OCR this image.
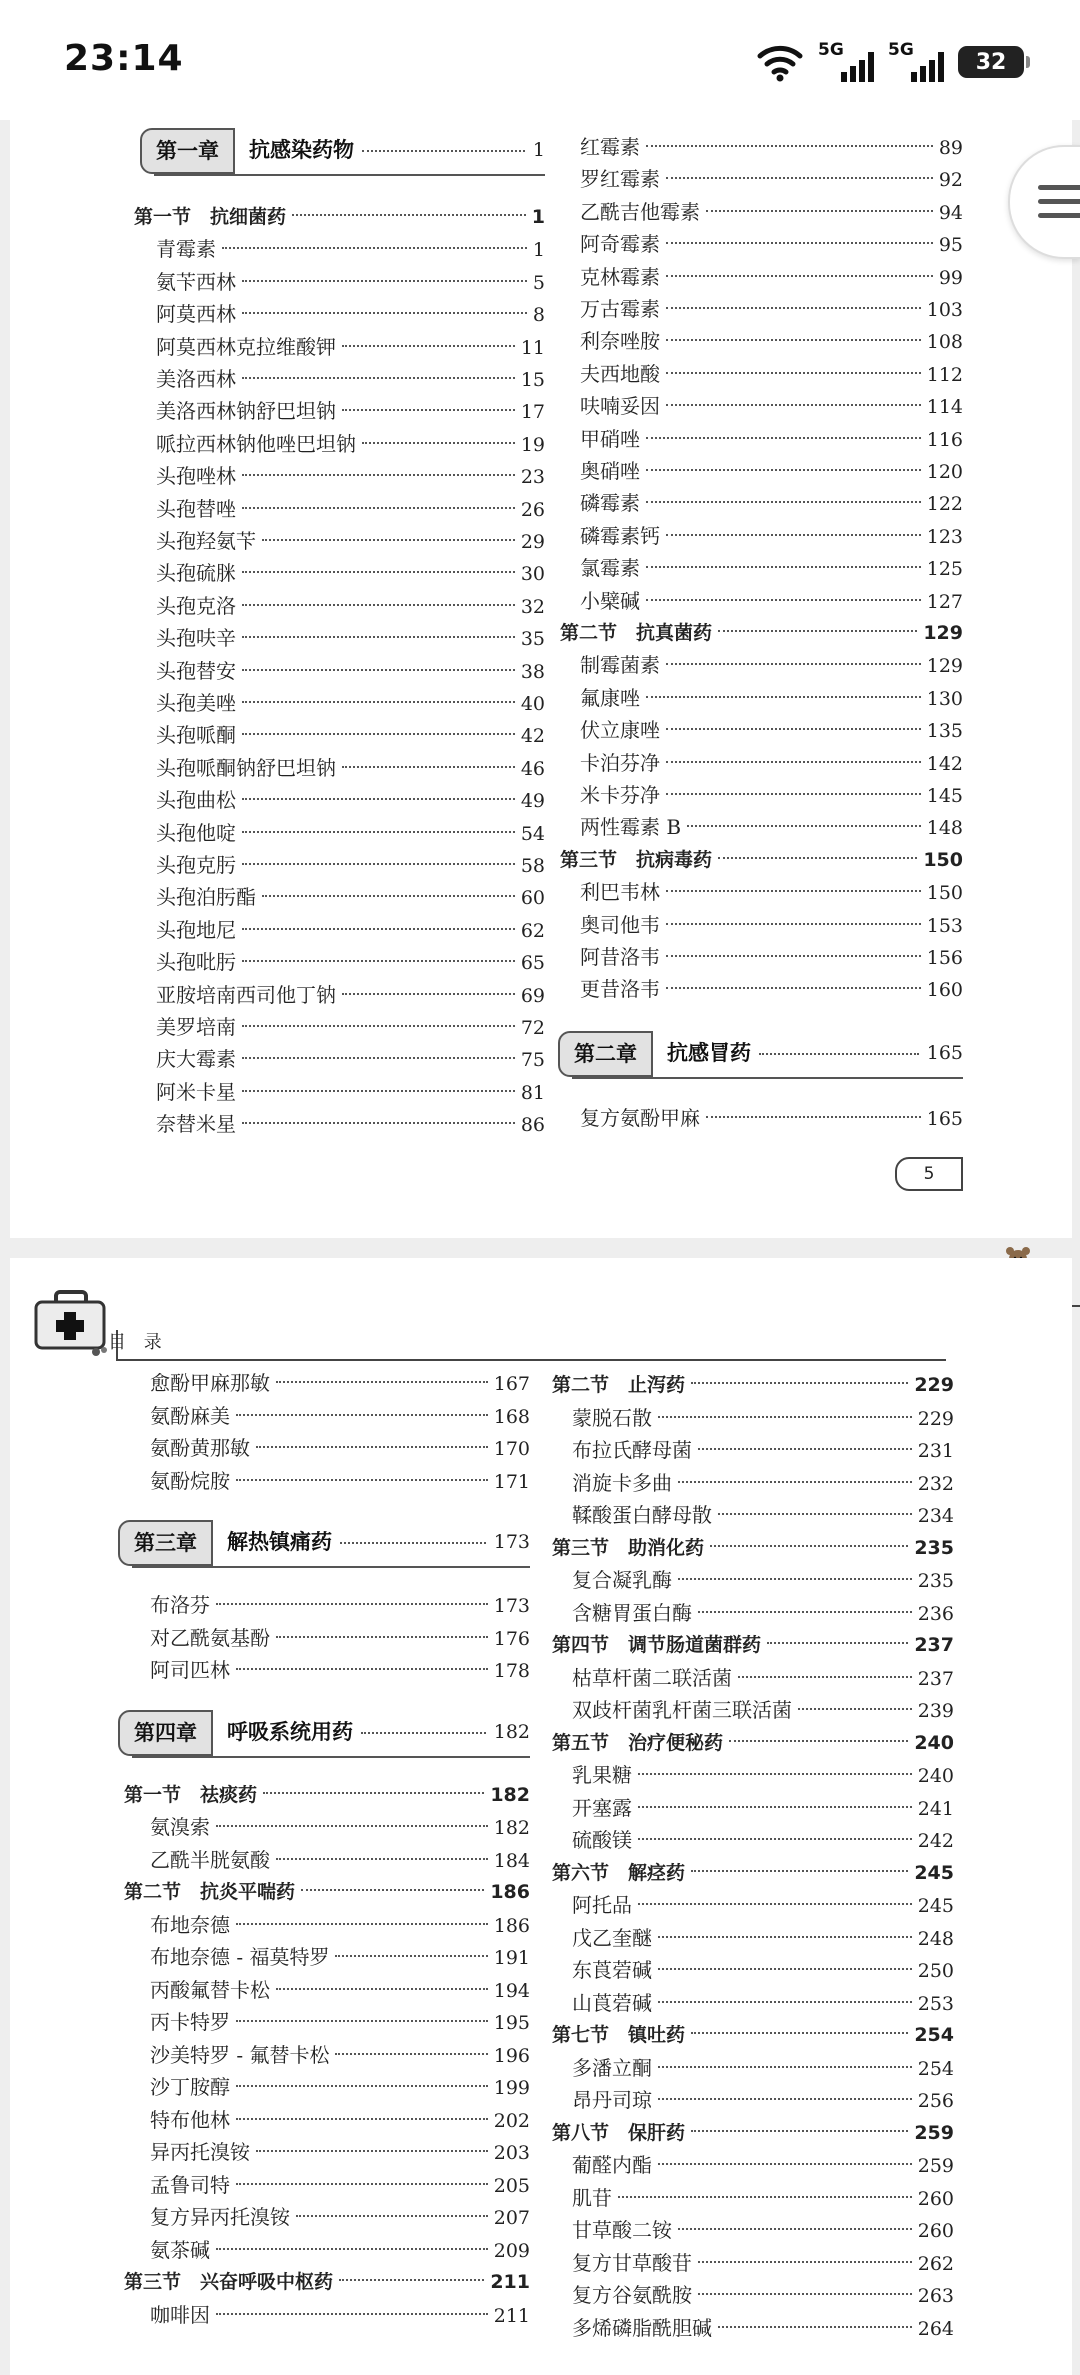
23:14	5G	5G	32
第一章	抗感染药物	1
第一节　抗细菌药	1
青霉素	1
氨苄西林	5
阿莫西林	8
阿莫西林克拉维酸钾	11
美洛西林	15
美洛西林钠舒巴坦钠	17
哌拉西林钠他唑巴坦钠	19
头孢唑林	23
头孢替唑	26
头孢羟氨苄	29
头孢硫脒	30
头孢克洛	32
头孢呋辛	35
头孢替安	38
头孢美唑	40
头孢哌酮	42
头孢哌酮钠舒巴坦钠	46
头孢曲松	49
头孢他啶	54
头孢克肟	58
头孢泊肟酯	60
头孢地尼	62
头孢吡肟	65
亚胺培南西司他丁钠	69
美罗培南	72
庆大霉素	75
阿米卡星	81
奈替米星	86
红霉素	89
罗红霉素	92
乙酰吉他霉素	94
阿奇霉素	95
克林霉素	99
万古霉素	103
利奈唑胺	108
夫西地酸	112
呋喃妥因	114
甲硝唑	116
奥硝唑	120
磷霉素	122
磷霉素钙	123
氯霉素	125
小檗碱	127
第二节　抗真菌药	129
制霉菌素	129
氟康唑	130
伏立康唑	135
卡泊芬净	142
米卡芬净	145
两性霉素 B	148
第三节　抗病毒药	150
利巴韦林	150
奥司他韦	153
阿昔洛韦	156
更昔洛韦	160
第二章	抗感冒药	165
复方氨酚甲麻	165
5
愈酚甲麻那敏	167
氨酚麻美	168
氨酚黄那敏	170
氨酚烷胺	171
第三章	解热镇痛药	173
布洛芬	173
对乙酰氨基酚	176
阿司匹林	178
第四章	呼吸系统用药	182
第一节　祛痰药	182
氨溴索	182
乙酰半胱氨酸	184
第二节　抗炎平喘药	186
布地奈德	186
布地奈德 - 福莫特罗	191
丙酸氟替卡松	194
丙卡特罗	195
沙美特罗 - 氟替卡松	196
沙丁胺醇	199
特布他林	202
异丙托溴铵	203
孟鲁司特	205
复方异丙托溴铵	207
氨茶碱	209
第三节　兴奋呼吸中枢药	211
咖啡因	211
第二节　止泻药	229
蒙脱石散	229
布拉氏酵母菌	231
消旋卡多曲	232
鞣酸蛋白酵母散	234
第三节　助消化药	235
复合凝乳酶	235
含糖胃蛋白酶	236
第四节　调节肠道菌群药	237
枯草杆菌二联活菌	237
双歧杆菌乳杆菌三联活菌	239
第五节　治疗便秘药	240
乳果糖	240
开塞露	241
硫酸镁	242
第六节　解痉药	245
阿托品	245
戊乙奎醚	248
东莨菪碱	250
山莨菪碱	253
第七节　镇吐药	254
多潘立酮	254
昂丹司琼	256
第八节　保肝药	259
葡醛内酯	259
肌苷	260
甘草酸二铵	260
复方甘草酸苷	262
复方谷氨酰胺	263
多烯磷脂酰胆碱	264
目 录
